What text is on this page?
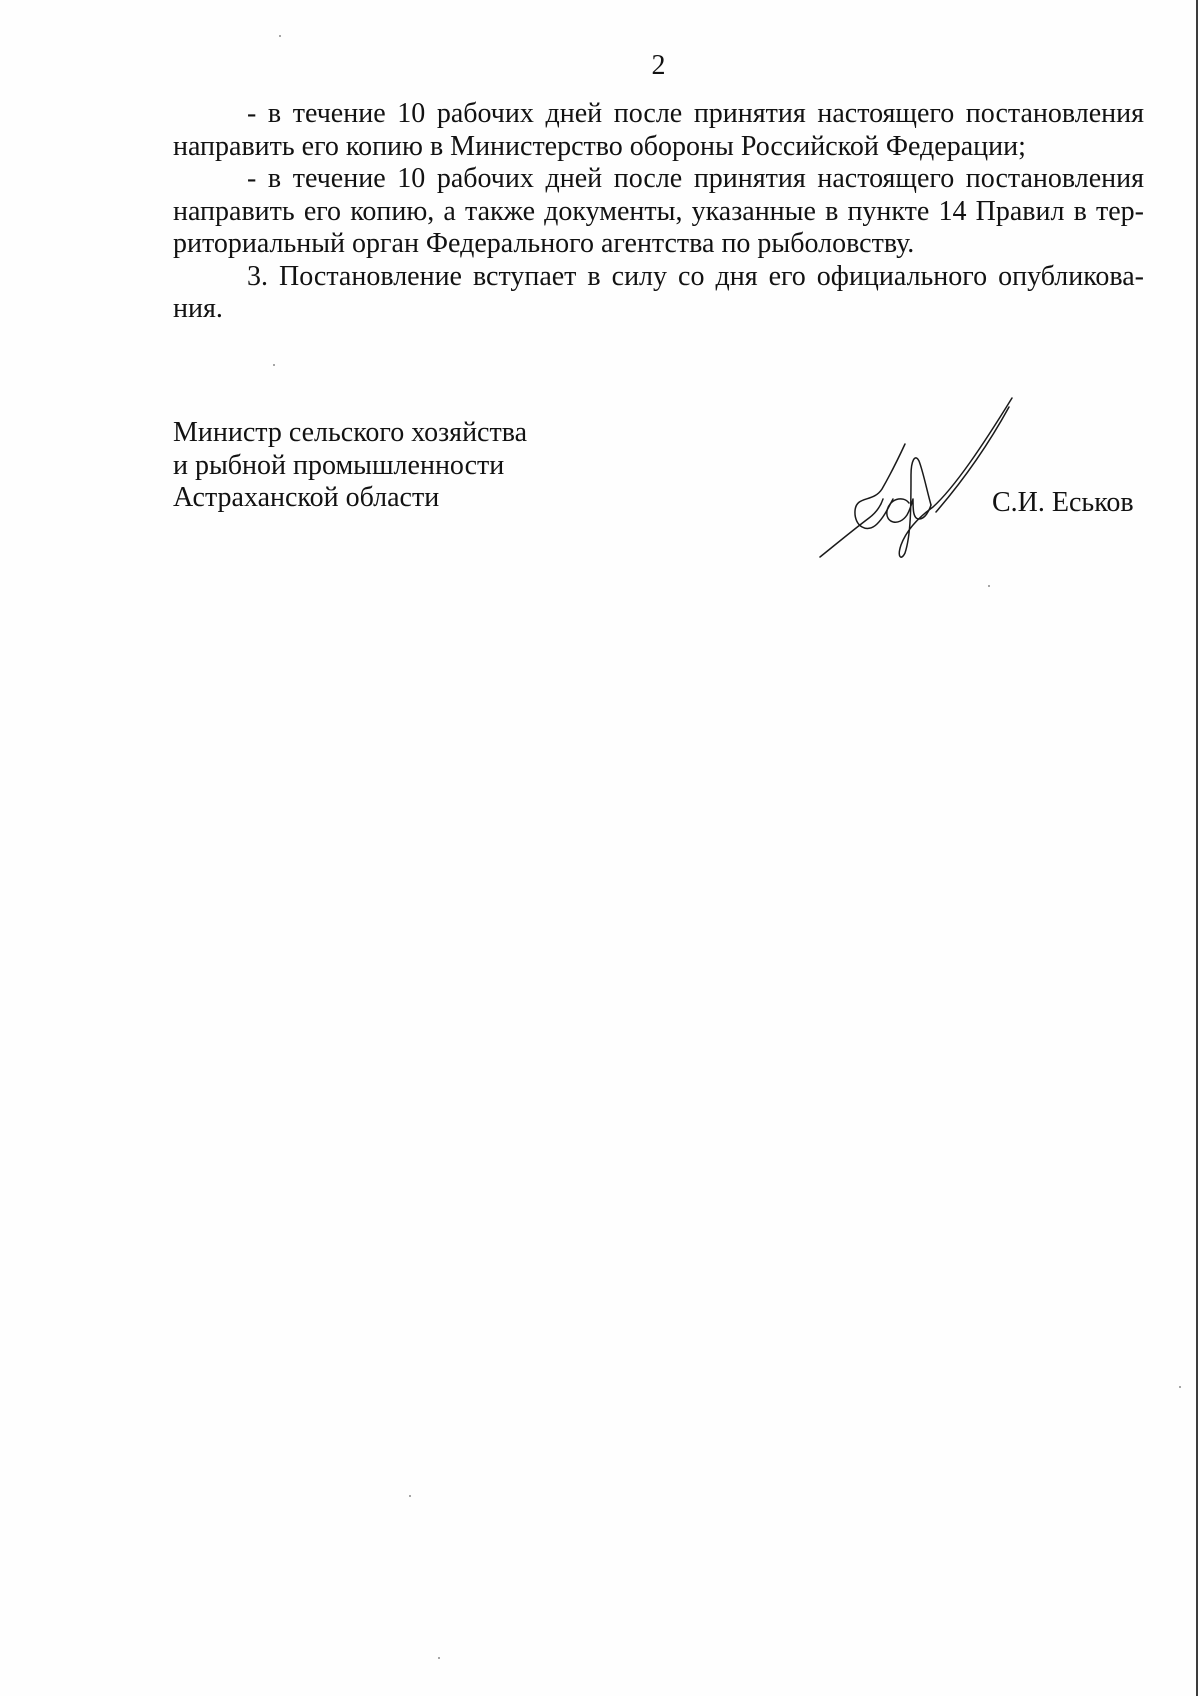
2
- в течение 10 рабочих дней после принятия настоящего постановления
направить его копию в Министерство обороны Российской Федерации;
- в течение 10 рабочих дней после принятия настоящего постановления
направить его копию, а также документы, указанные в пункте 14 Правил в тер-
риториальный орган Федерального агентства по рыболовству.
3. Постановление вступает в силу со дня его официального опубликова-
ния.
Министр сельского хозяйства
и рыбной промышленности
Астраханской области	С.И. Еськов
